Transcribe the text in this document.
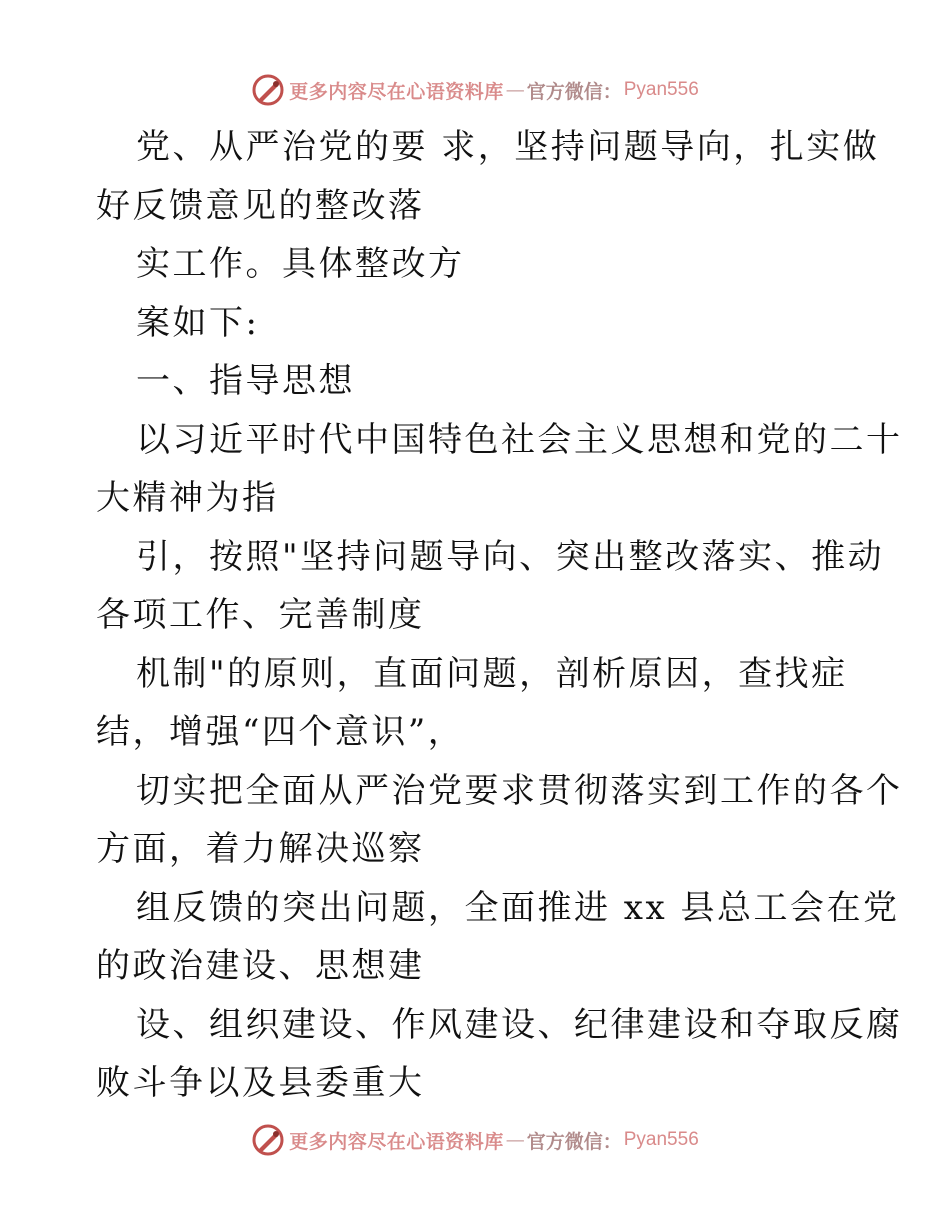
更多内容尽在心语资料库 — 官方微信： Pyan556
党、从严治党的要 求，坚持问题导向，扎实做
好反馈意见的整改落
实工作。具体整改方
案如下:
一、指导思想
以习近平时代中国特色社会主义思想和党的二十
大精神为指
引，按照"坚持问题导向、突出整改落实、推动
各项工作、完善制度
机制"的原则，直面问题，剖析原因，查找症
结，增强“四个意识”，
切实把全面从严治党要求贯彻落实到工作的各个
方面，着力解决巡察
组反馈的突出问题，全面推进 xx 县总工会在党
的政治建设、思想建
设、组织建设、作风建设、纪律建设和夺取反腐
败斗争以及县委重大
更多内容尽在心语资料库 — 官方微信： Pyan556
